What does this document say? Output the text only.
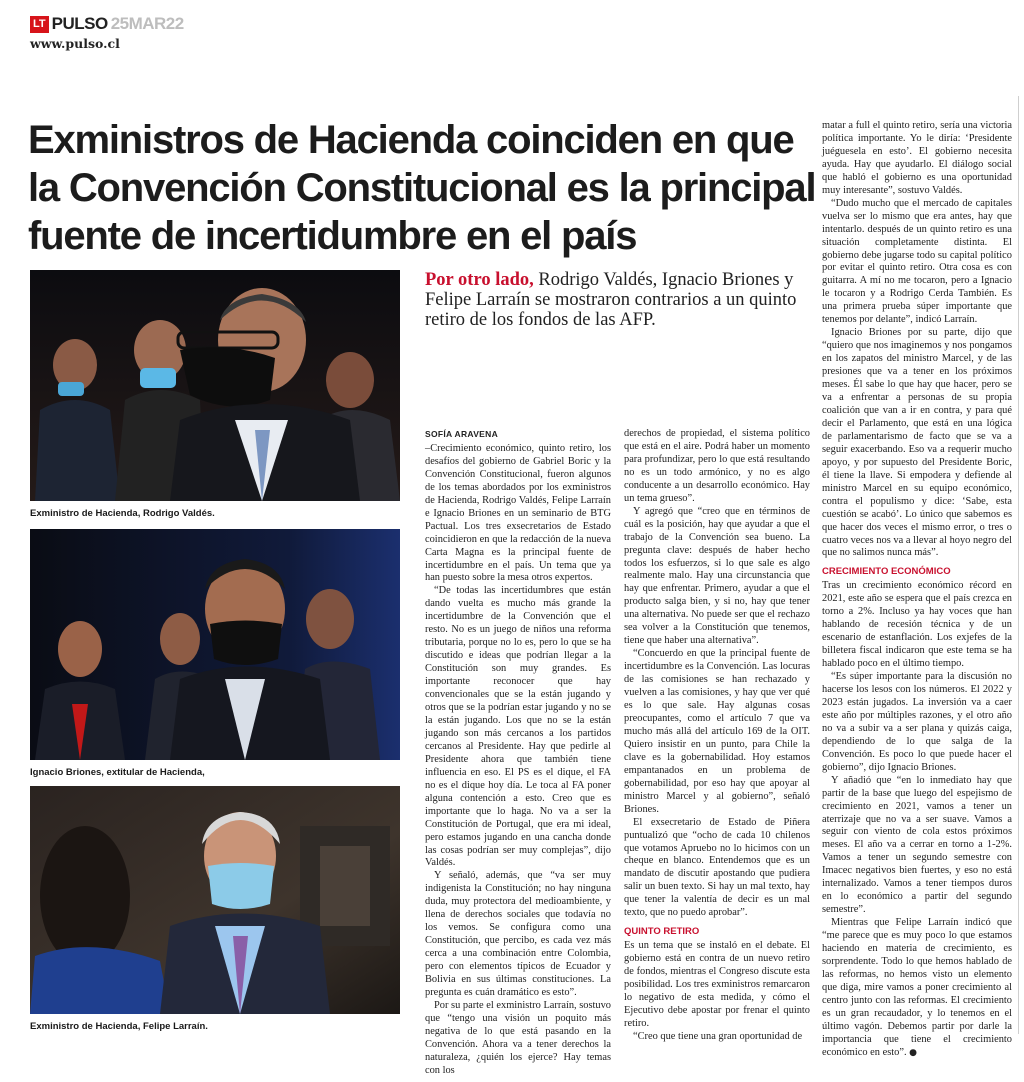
LT PULSO 25MAR22
www.pulso.cl
Exministros de Hacienda coinciden en que la Convención Constitucional es la principal fuente de incertidumbre en el país
Exministro de Hacienda, Rodrigo Valdés.
Ignacio Briones, extitular de Hacienda,
Exministro de Hacienda, Felipe Larraín.
Por otro lado, Rodrigo Valdés, Ignacio Briones y Felipe Larraín se mostraron contrarios a un quinto retiro de los fondos de las AFP.
SOFÍA ARAVENA

–Crecimiento económico, quinto retiro, los desafíos del gobierno de Gabriel Boric y la Convención Constitucional, fueron algunos de los temas abordados por los exministros de Hacienda, Rodrigo Valdés, Felipe Larraín e Ignacio Briones en un seminario de BTG Pactual. Los tres exsecretarios de Estado coincidieron en que la redacción de la nueva Carta Magna es la principal fuente de incertidumbre en el país. Un tema que ya han puesto sobre la mesa otros expertos.

“De todas las incertidumbres que están dando vuelta es mucho más grande la incertidumbre de la Convención que el resto. No es un juego de niños una reforma tributaria, porque no lo es, pero lo que se ha discutido e ideas que podrían llegar a la Constitución son muy grandes. Es importante reconocer que hay convencionales que se la están jugando y otros que se la podrían estar jugando y no se la están jugando. Los que no se la están jugando son más cercanos a los partidos cercanos al Presidente. Hay que pedirle al Presidente ahora que también tiene influencia en eso. El PS es el dique, el FA no es el dique hoy día. Le toca al FA poner alguna contención a esto. Creo que es importante que lo haga. No va a ser la Constitución de Portugal, que era mi ideal, pero estamos jugando en una cancha donde las cosas podrían ser muy complejas”, dijo Valdés.

Y señaló, además, que “va ser muy indigenista la Constitución; no hay ninguna duda, muy protectora del medioambiente, y llena de derechos sociales que todavía no los vemos. Se configura como una Constitución, que percibo, es cada vez más cerca a una combinación entre Colombia, pero con elementos típicos de Ecuador y Bolivia en sus últimas constituciones. La pregunta es cuán dramático es esto”.

Por su parte el exministro Larraín, sostuvo que “tengo una visión un poquito más negativa de lo que está pasando en la Convención. Ahora va a tener derechos la naturaleza, ¿quién los ejerce? Hay temas con los

derechos de propiedad, el sistema político que está en el aire. Podrá haber un momento para profundizar, pero lo que está resultando no es un todo armónico, y no es algo conducente a un desarrollo económico. Hay un tema grueso”.

Y agregó que “creo que en términos de cuál es la posición, hay que ayudar a que el trabajo de la Convención sea bueno. La pregunta clave: después de haber hecho todos los esfuerzos, si lo que sale es algo realmente malo. Hay una circunstancia que hay que enfrentar. Primero, ayudar a que el producto salga bien, y si no, hay que tener una alternativa. No puede ser que el rechazo sea volver a la Constitución que tenemos, tiene que haber una alternativa”.

“Concuerdo en que la principal fuente de incertidumbre es la Convención. Las locuras de las comisiones se han rechazado y vuelven a las comisiones, y hay que ver qué es lo que sale. Hay algunas cosas preocupantes, como el artículo 7 que va mucho más allá del artículo 169 de la OIT. Quiero insistir en un punto, para Chile la clave es la gobernabilidad. Hoy estamos empantanados en un problema de gobernabilidad, por eso hay que apoyar al ministro Marcel y al gobierno”, señaló Briones.

El exsecretario de Estado de Piñera puntualizó que “ocho de cada 10 chilenos que votamos Apruebo no lo hicimos con un cheque en blanco. Entendemos que es un mandato de discutir apostando que pudiera salir un buen texto. Si hay un mal texto, hay que tener la valentía de decir es un mal texto, que no puedo aprobar”.

QUINTO RETIRO

Es un tema que se instaló en el debate. El gobierno está en contra de un nuevo retiro de fondos, mientras el Congreso discute esta posibilidad. Los tres exministros remarcaron lo negativo de esta medida, y cómo el Ejecutivo debe apostar por frenar el quinto retiro.

“Creo que tiene una gran oportunidad de

matar a full el quinto retiro, sería una victoria política importante. Yo le diría: ‘Presidente juéguesela en esto’. El gobierno necesita ayuda. Hay que ayudarlo. El diálogo social que habló el gobierno es una oportunidad muy interesante”, sostuvo Valdés.

“Dudo mucho que el mercado de capitales vuelva ser lo mismo que era antes, hay que intentarlo. después de un quinto retiro es una situación completamente distinta. El gobierno debe jugarse todo su capital político por evitar el quinto retiro. Otra cosa es con guitarra. A mí no me tocaron, pero a Ignacio le tocaron y a Rodrigo Cerda También. Es una primera prueba súper importante que tenemos por delante”, indicó Larraín.

Ignacio Briones por su parte, dijo que “quiero que nos imaginemos y nos pongamos en los zapatos del ministro Marcel, y de las presiones que va a tener en los próximos meses. Él sabe lo que hay que hacer, pero se va a enfrentar a personas de su propia coalición que van a ir en contra, y para qué decir el Parlamento, que está en una lógica de parlamentarismo de facto que se va a seguir exacerbando. Eso va a requerir mucho apoyo, y por supuesto del Presidente Boric, él tiene la llave. Si empodera y defiende al ministro Marcel en su equipo económico, contra el populismo y dice: ‘Sabe, esta cuestión se acabó’. Lo único que sabemos es que hacer dos veces el mismo error, o tres o cuatro veces nos va a llevar al hoyo negro del que no salimos nunca más”.

CRECIMIENTO ECONÓMICO

Tras un crecimiento económico récord en 2021, este año se espera que el país crezca en torno a 2%. Incluso ya hay voces que han hablando de recesión técnica y de un escenario de estanflación. Los exjefes de la billetera fiscal indicaron que este tema se ha hablado poco en el último tiempo.

“Es súper importante para la discusión no hacerse los lesos con los números. El 2022 y 2023 están jugados. La inversión va a caer este año por múltiples razones, y el otro año no va a subir va a ser plana y quizás caiga, dependiendo de lo que salga de la Convención. Es poco lo que puede hacer el gobierno”, dijo Ignacio Briones.

Y añadió que “en lo inmediato hay que partir de la base que luego del espejismo de crecimiento en 2021, vamos a tener un aterrizaje que no va a ser suave. Vamos a seguir con viento de cola estos próximos meses. El año va a cerrar en torno a 1-2%. Vamos a tener un segundo semestre con Imacec negativos bien fuertes, y eso no está internalizado. Vamos a tener tiempos duros en lo económico a partir del segundo semestre”.

Mientras que Felipe Larraín indicó que “me parece que es muy poco lo que estamos haciendo en materia de crecimiento, es sorprendente. Todo lo que hemos hablado de las reformas, no hemos visto un elemento que diga, mire vamos a poner crecimiento al centro junto con las reformas. El crecimiento es un gran recaudador, y lo tenemos en el último vagón. Debemos partir por darle la importancia que tiene el crecimiento económico en esto”. ●
